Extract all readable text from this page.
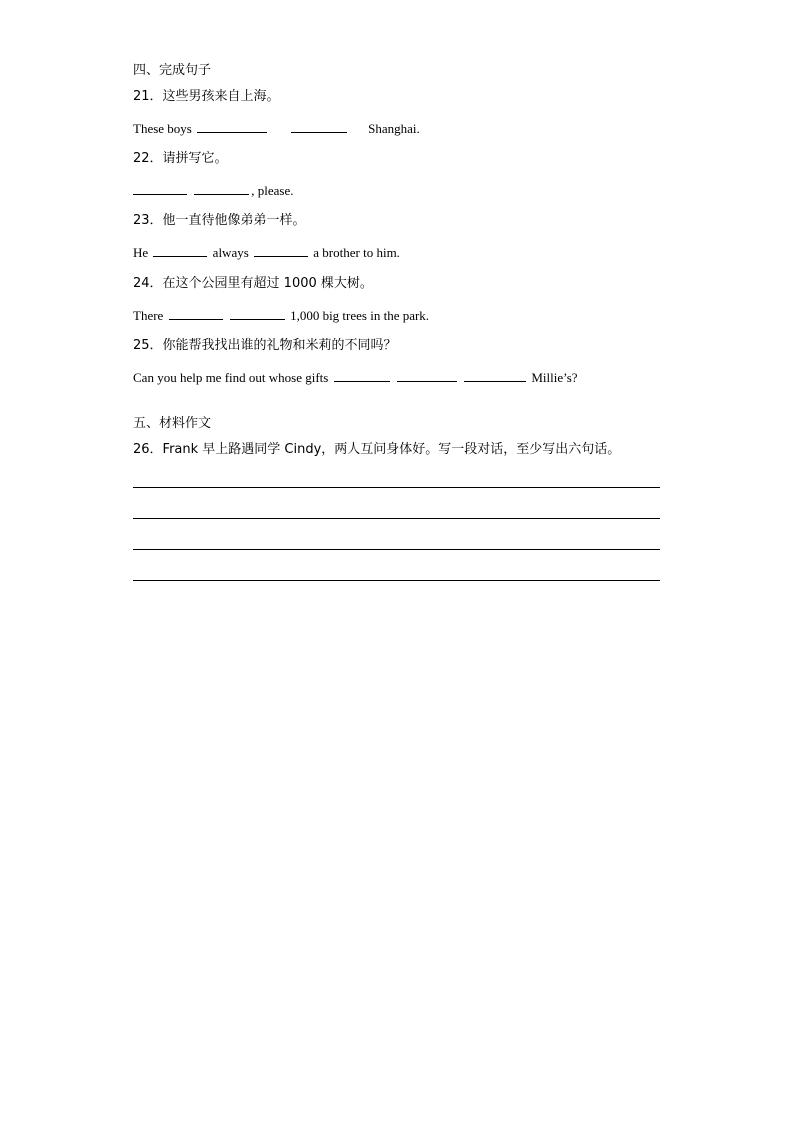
四、完成句子
21．这些男孩来自上海。
These boys	Shanghai.
22．请拼写它。
, please.
23．他一直待他像弟弟一样。
He	always	a brother to him.
24．在这个公园里有超过 1000 棵大树。
There	1,000 big trees in the park.
25．你能帮我找出谁的礼物和米莉的不同吗？
Can you help me find out whose gifts	Millie’s?
五、材料作文
26．Frank 早上路遇同学 Cindy，两人互问身体好。写一段对话，至少写出六句话。
